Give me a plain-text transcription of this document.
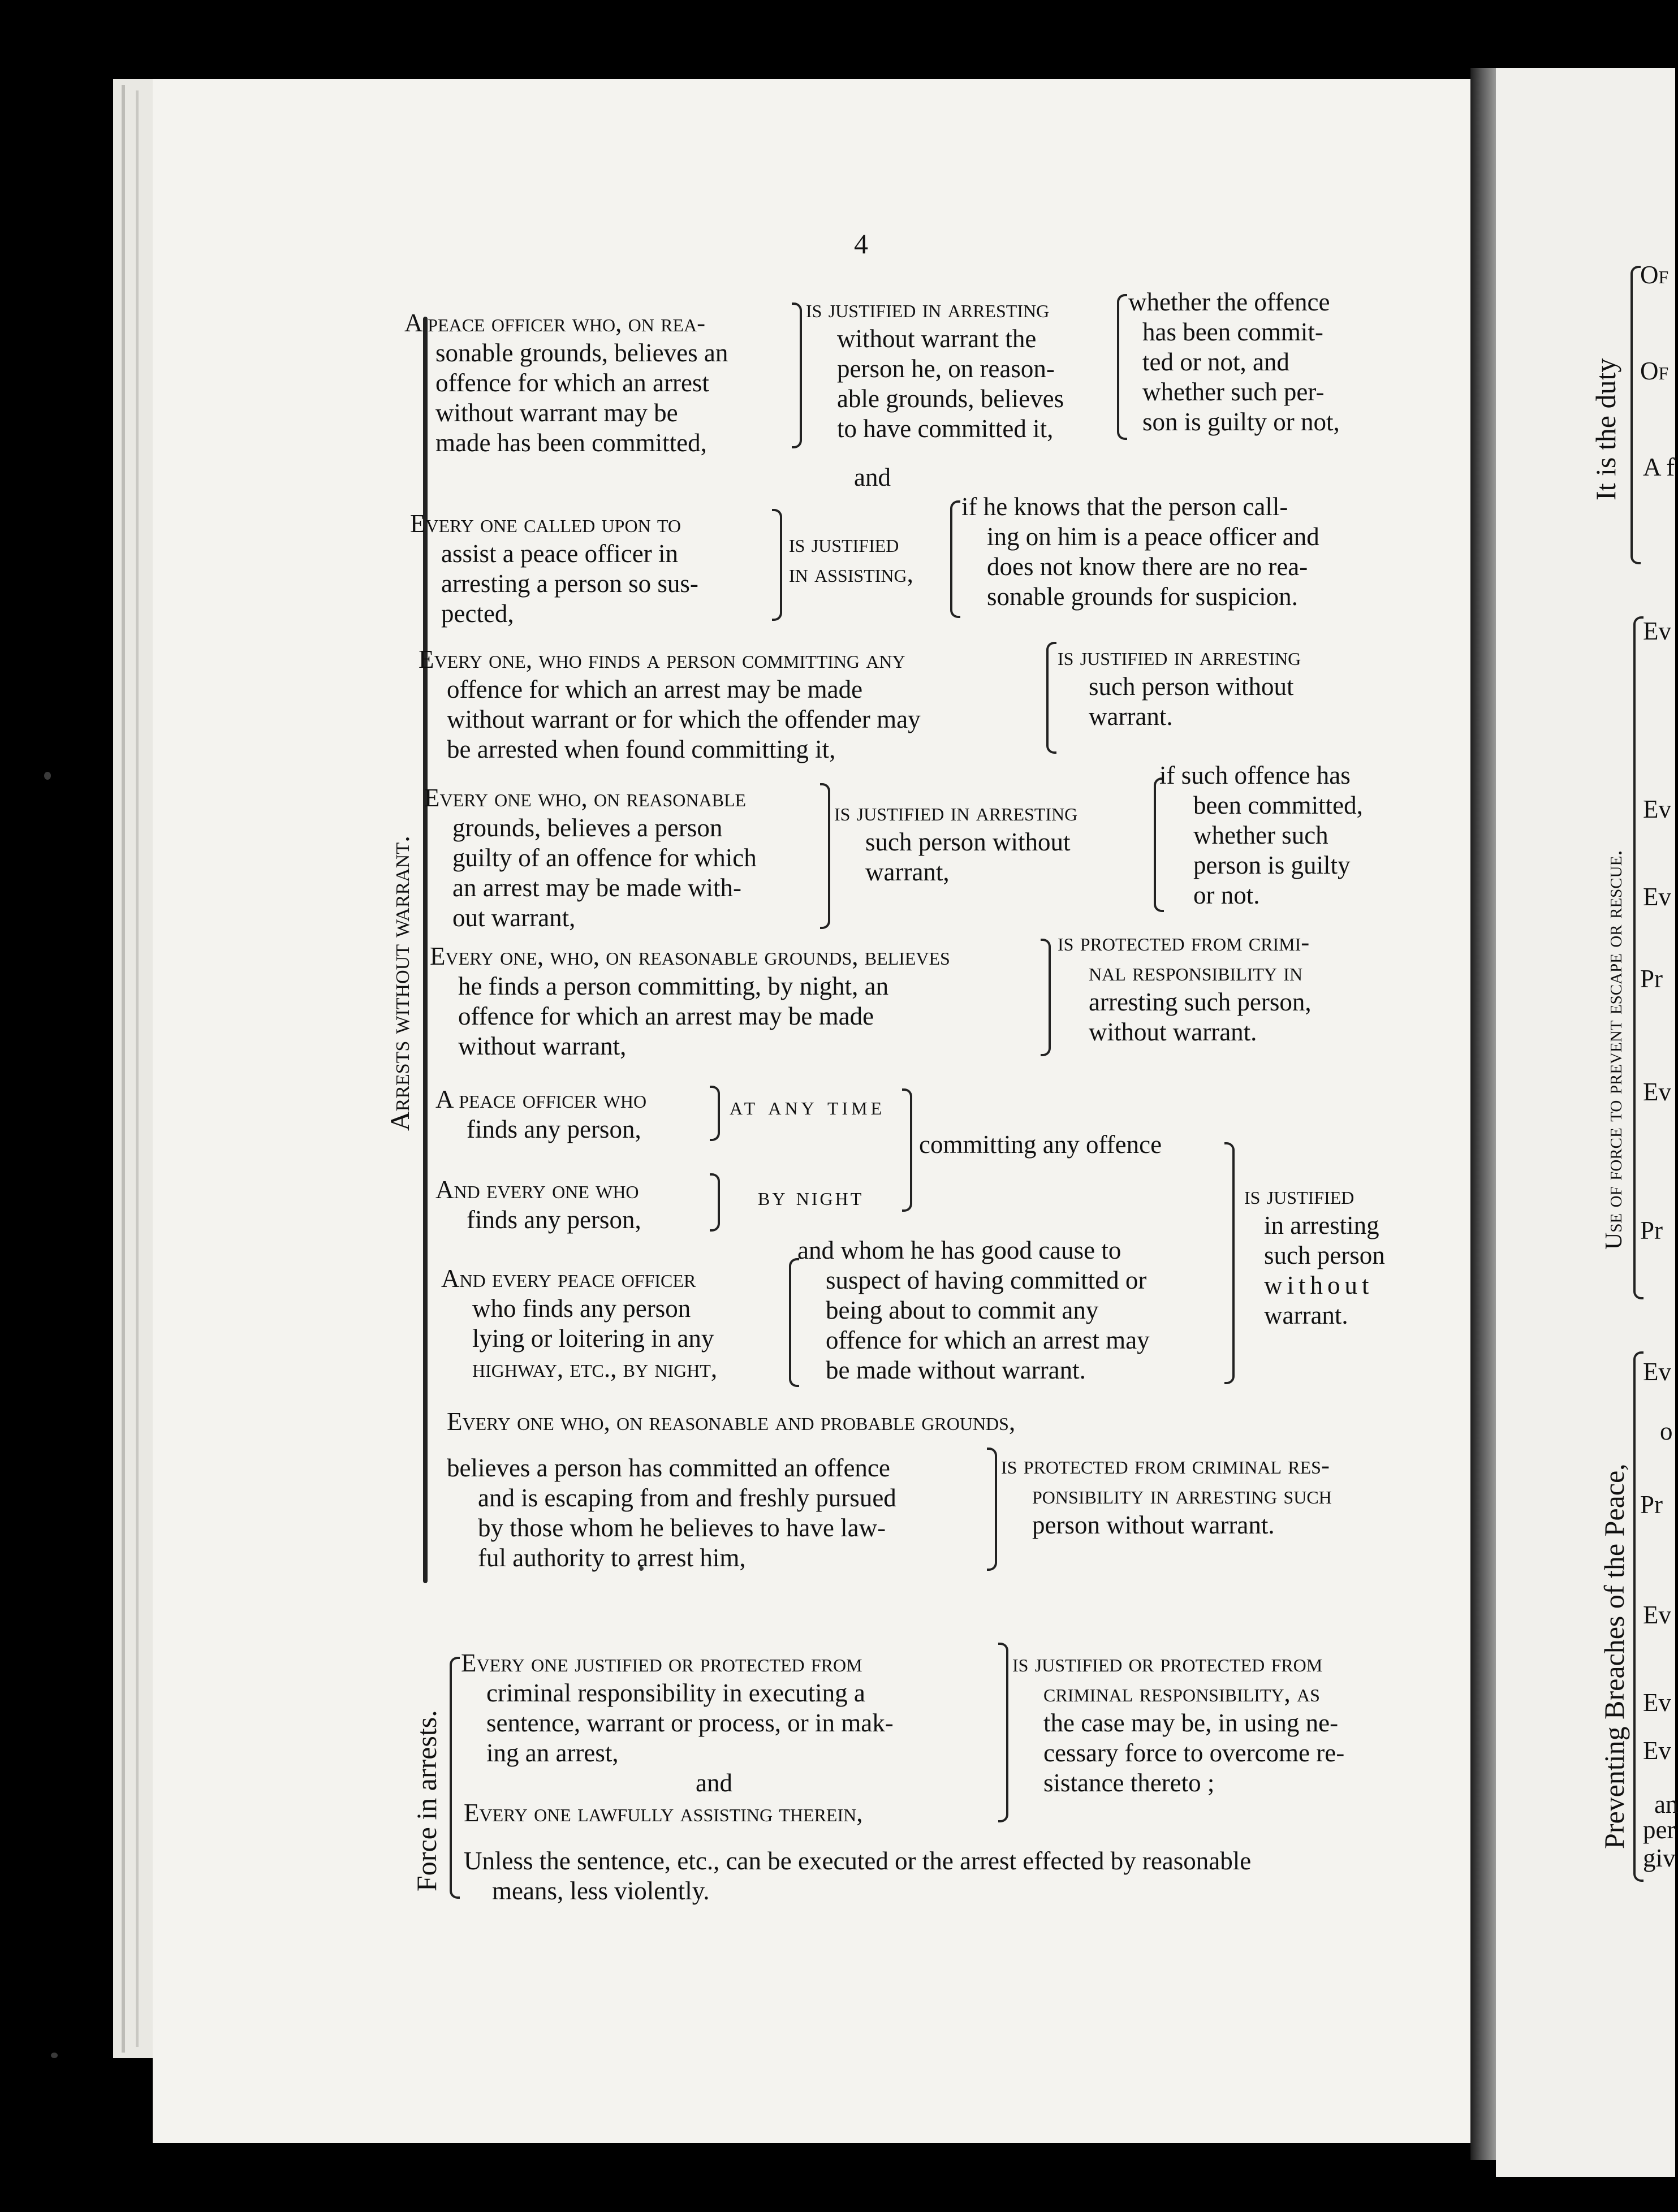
4
Arrests without warrant.
Force in arrests.
A peace officer who, on rea-
sonable grounds, believes an
offence for which an arrest
without warrant may be
made has been committed,
is justified in arresting
without warrant the
person he, on reason-
able grounds, believes
to have committed it,
whether the offence
has been commit-
ted or not, and
whether such per-
son is guilty or not,
and
Every one called upon to
assist a peace officer in
arresting a person so sus-
pected,
is justified
in assisting,
if he knows that the person call-
ing on him is a peace officer and
does not know there are no rea-
sonable grounds for suspicion.
Every one, who finds a person committing any
offence for which an arrest may be made
without warrant or for which the offender may
be arrested when found committing it,
is justified in arresting
such person without
warrant.
Every one who, on reasonable
grounds, believes a person
guilty of an offence for which
an arrest may be made with-
out warrant,
is justified in arresting
such person without
warrant,
if such offence has
been committed,
whether such
person is guilty
or not.
Every one, who, on reasonable grounds, believes
he finds a person committing, by night, an
offence for which an arrest may be made
without warrant,
is protected from crimi-
nal responsibility in
arresting such person,
without warrant.
A peace officer who
finds any person,
at any time
And every one who
finds any person,
by night
committing any offence
And every peace officer
who finds any person
lying or loitering in any
highway, etc., by night,
and whom he has good cause to
suspect of having committed or
being about to commit any
offence for which an arrest may
be made without warrant.
is justified
in arresting
such person
without
warrant.
Every one who, on reasonable and probable grounds,
believes a person has committed an offence
and is escaping from and freshly pursued
by those whom he believes to have law-
ful authority to arrest him,
is protected from criminal res-
ponsibility in arresting such
person without warrant.
Every one justified or protected from
criminal responsibility in executing a
sentence, warrant or process, or in mak-
ing an arrest,
and
Every one lawfully assisting therein,
is justified or protected from
criminal responsibility, as
the case may be, in using ne-
cessary force to overcome re-
sistance thereto ;
Unless the sentence, etc., can be executed or the arrest effected by reasonable
means, less violently.
It is the duty
Use of force to prevent escape or rescue.
Preventing Breaches of the Peace,
Of
Of
A f
Ev
Ev
Ev
Pr
Ev
Pr
Ev
o
Pr
Ev
Ev
Ev
an
per
giv
